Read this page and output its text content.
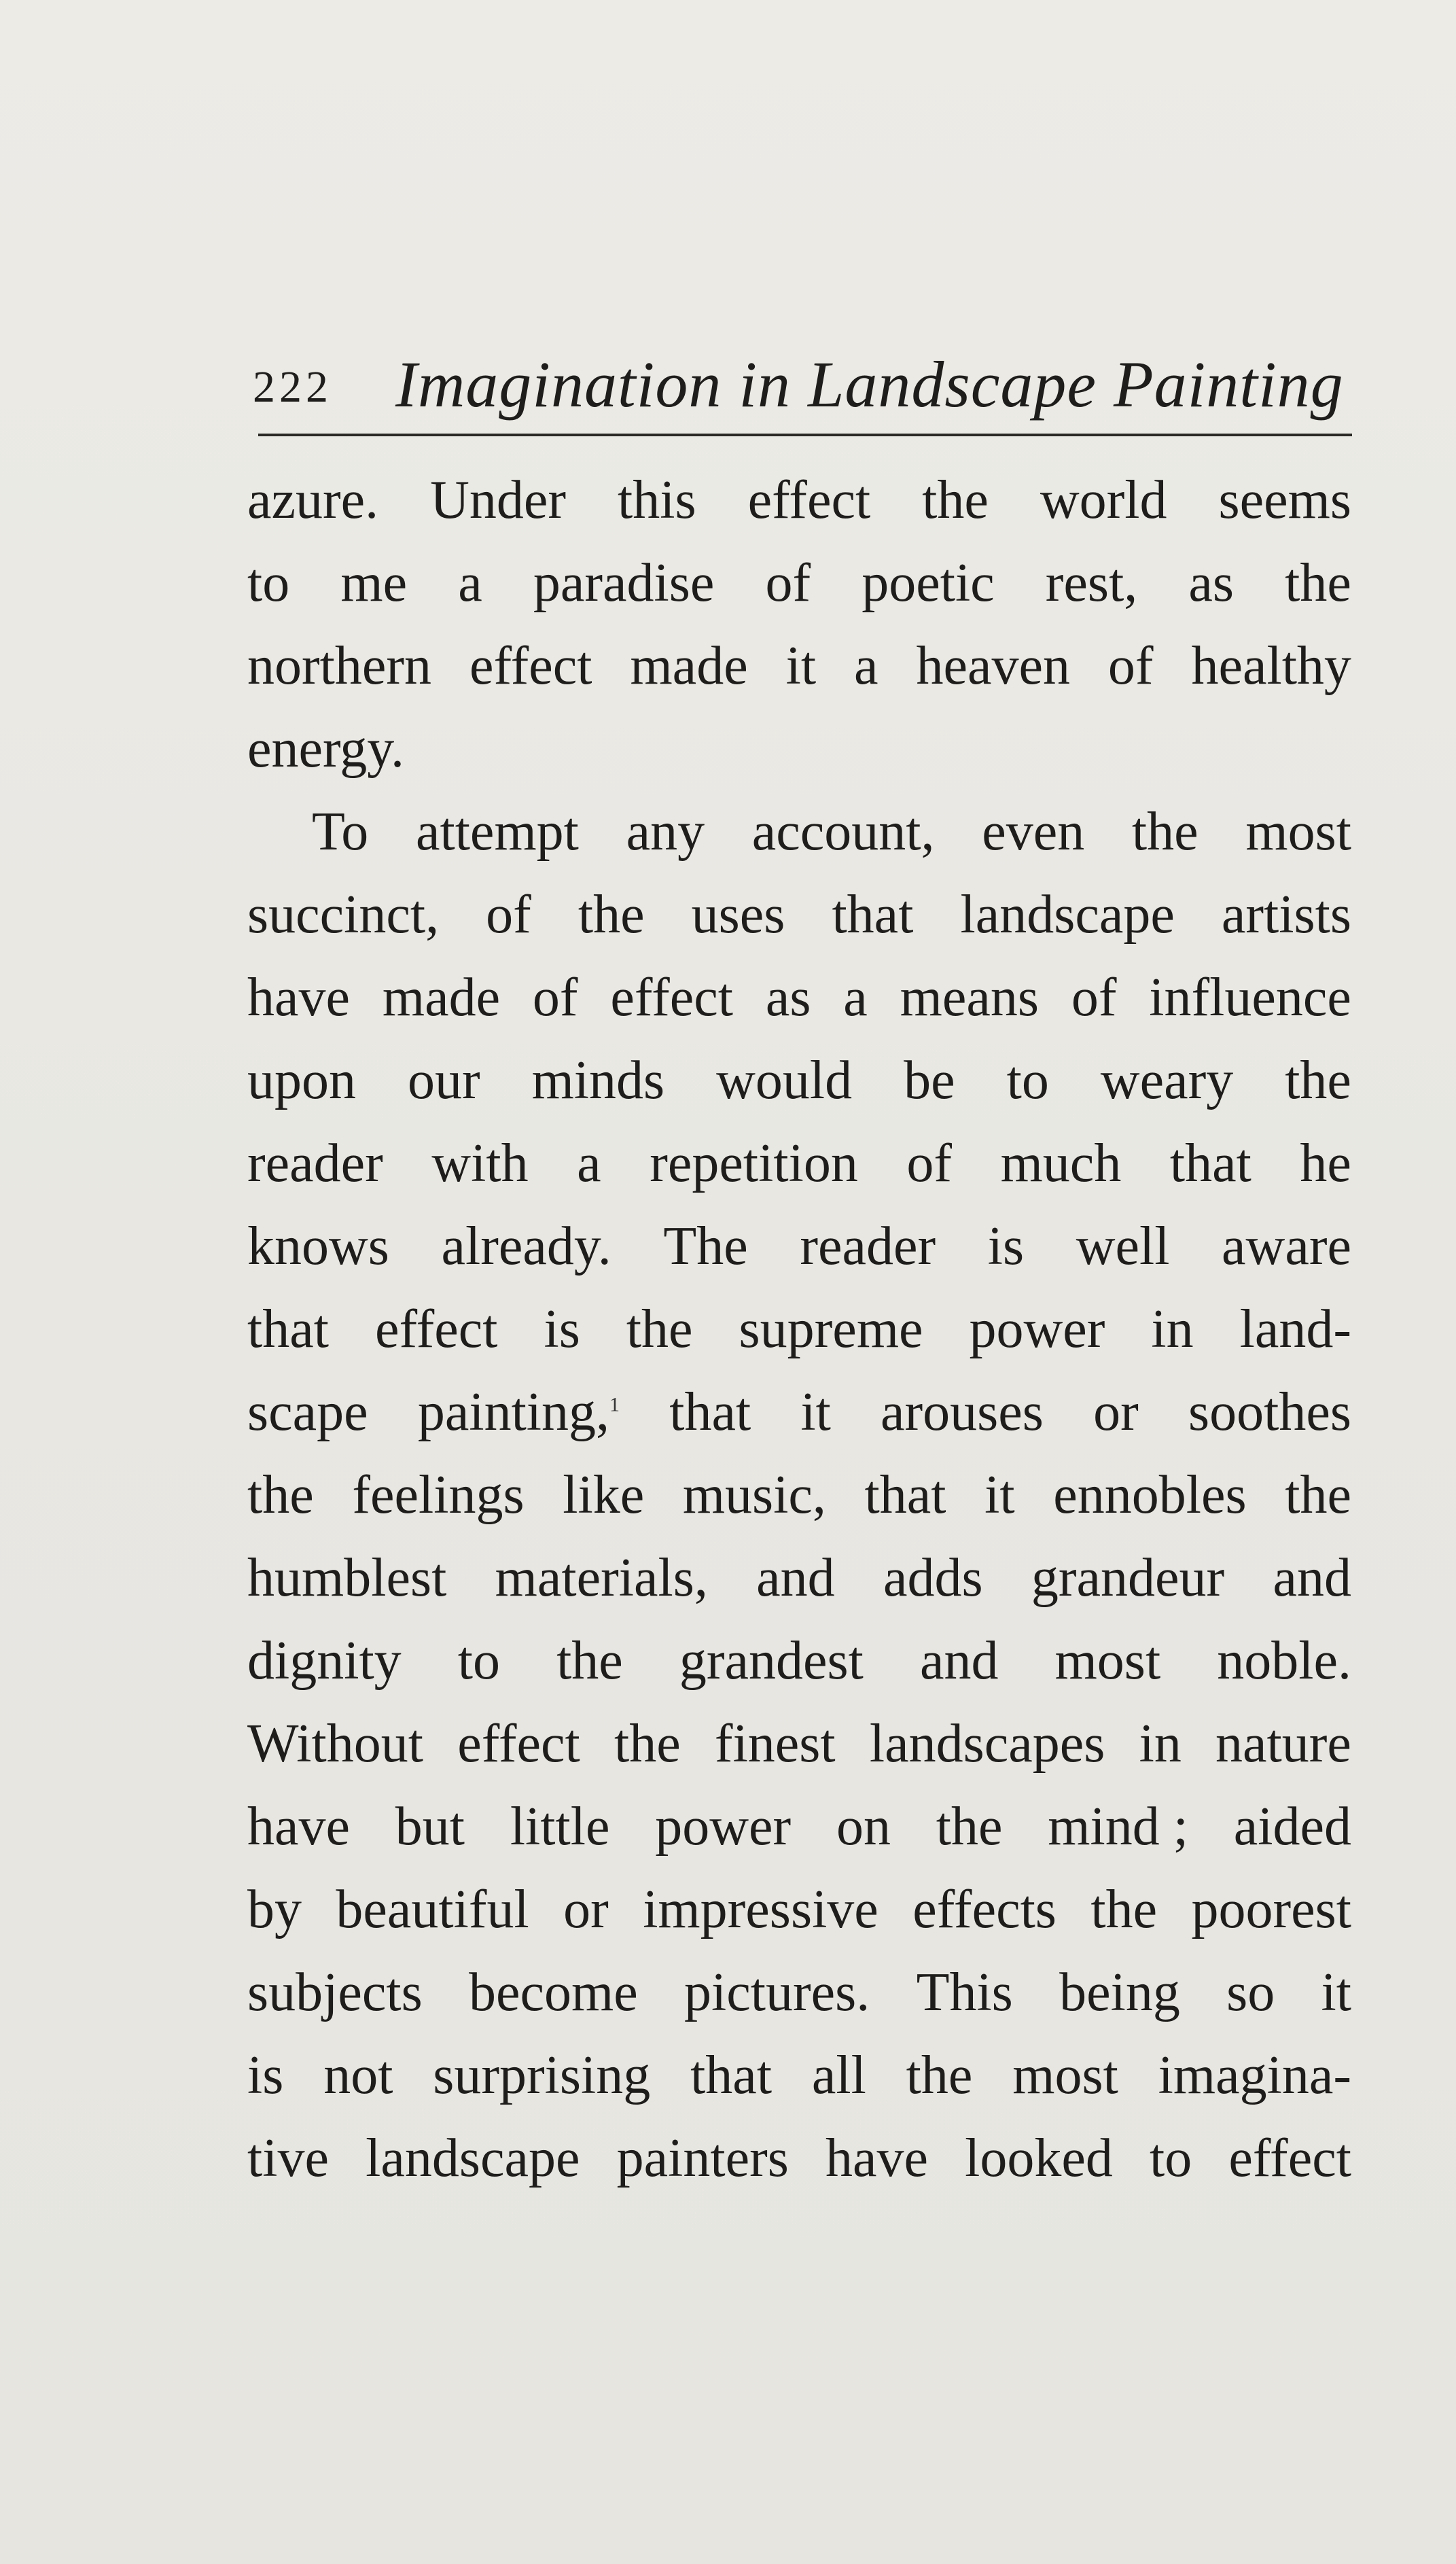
222 Imagination in Landscape Painting
azure. Under this effect the world seems
to me a paradise of poetic rest, as the
northern effect made it a heaven of healthy
energy.
To attempt any account, even the most
succinct, of the uses that landscape artists
have made of effect as a means of influence
upon our minds would be to weary the
reader with a repetition of much that he
knows already. The reader is well aware
that effect is the supreme power in land-
scape painting,$^1$ that it arouses or soothes
the feelings like music, that it ennobles the
humblest materials, and adds grandeur and
dignity to the grandest and most noble.
Without effect the finest landscapes in nature
have but little power on the mind ; aided
by beautiful or impressive effects the poorest
subjects become pictures. This being so it
is not surprising that all the most imagina-
tive landscape painters have looked to effect
